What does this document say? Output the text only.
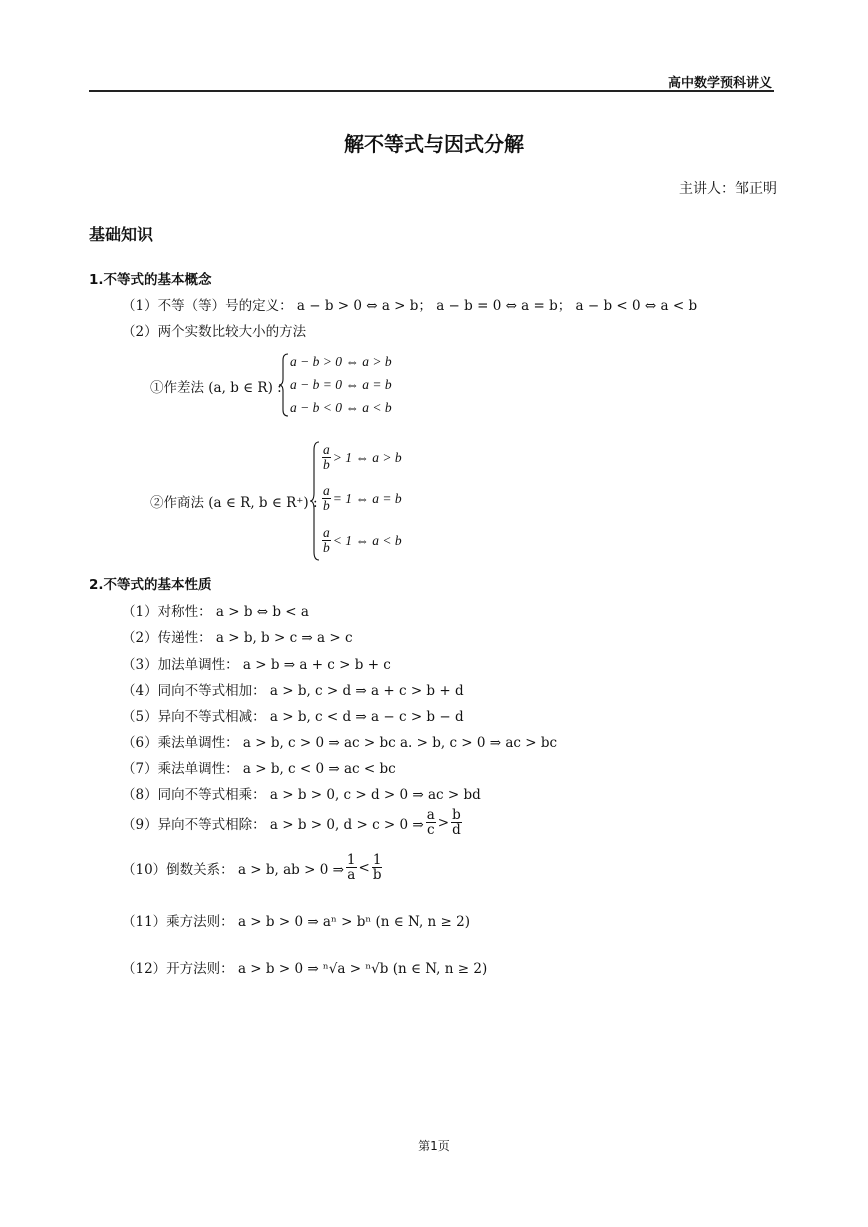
高中数学预科讲义
解不等式与因式分解
主讲人：邹正明
基础知识
1.不等式的基本概念
（1）不等（等）号的定义： a − b > 0 ⇔ a > b； a − b = 0 ⇔ a = b； a − b < 0 ⇔ a < b
（2）两个实数比较大小的方法
①作差法 (a, b ∈ R) :
a − b > 0 ⇔ a > b
a − b = 0 ⇔ a = b
a − b < 0 ⇔ a < b
②作商法 (a ∈ R, b ∈ R⁺) :
$\frac{a}{b} > 1$ ⇔ a > b
$\frac{a}{b} = 1$ ⇔ a = b
$\frac{a}{b} < 1$ ⇔ a < b
2.不等式的基本性质
（1）对称性： a > b ⇔ b < a
（2）传递性： a > b, b > c ⇒ a > c
（3）加法单调性： a > b ⇒ a + c > b + c
（4）同向不等式相加： a > b, c > d ⇒ a + c > b + d
（5）异向不等式相减： a > b, c < d ⇒ a − c > b − d
（6）乘法单调性： a > b, c > 0 ⇒ ac > bc a. > b, c > 0 ⇒ ac > bc
（7）乘法单调性： a > b, c < 0 ⇒ ac < bc
（8）同向不等式相乘： a > b > 0, c > d > 0 ⇒ ac > bd
（9）异向不等式相除： a > b > 0, d > c > 0 ⇒ $\frac{a}{c} > \frac{b}{d}$
（10）倒数关系： a > b, ab > 0 ⇒ $\frac{1}{a} < \frac{1}{b}$
（11）乘方法则： a > b > 0 ⇒ aⁿ > bⁿ (n ∈ N, n ≥ 2)
（12）开方法则： a > b > 0 ⇒ ⁿ√a > ⁿ√b (n ∈ N, n ≥ 2)
第1页
